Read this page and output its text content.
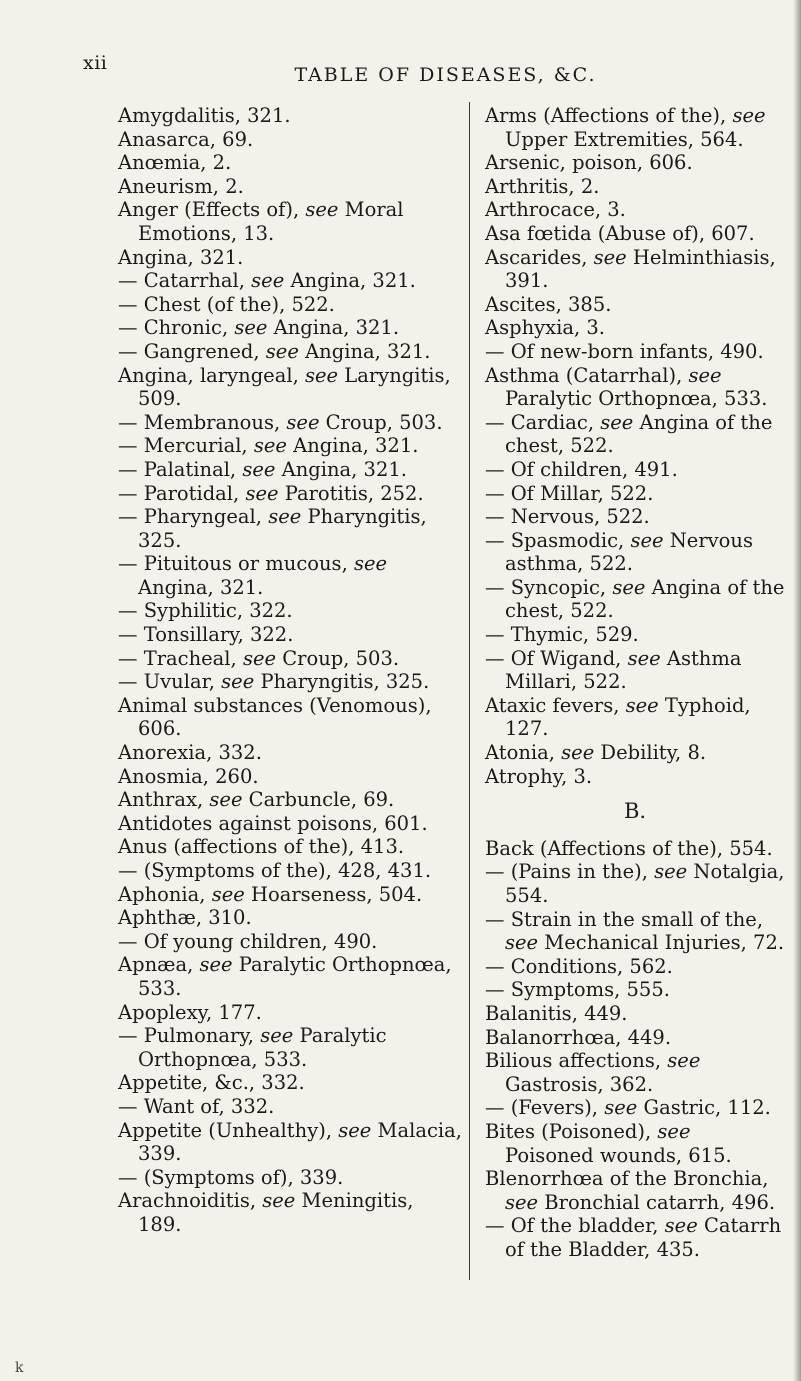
xii
TABLE OF DISEASES, &C.

Amygdalitis, 321.

Anasarca, 69.

Anœmia, 2.

Aneurism, 2.

Anger (Effects of), see Moral Emotions, 13.

Angina, 321.

— Catarrhal, see Angina, 321.

— Chest (of the), 522.

— Chronic, see Angina, 321.

— Gangrened, see Angina, 321.

Angina, laryngeal, see Laryngitis, 509.

— Membranous, see Croup, 503.

— Mercurial, see Angina, 321.

— Palatinal, see Angina, 321.

— Parotidal, see Parotitis, 252.

— Pharyngeal, see Pharyngitis, 325.

— Pituitous or mucous, see Angina, 321.

— Syphilitic, 322.

— Tonsillary, 322.

— Tracheal, see Croup, 503.

— Uvular, see Pharyngitis, 325.

Animal substances (Venomous), 606.

Anorexia, 332.

Anosmia, 260.

Anthrax, see Carbuncle, 69.

Antidotes against poisons, 601.

Anus (affections of the), 413.

— (Symptoms of the), 428, 431.

Aphonia, see Hoarseness, 504.

Aphthæ, 310.

— Of young children, 490.

Apnæa, see Paralytic Orthopnœa, 533.

Apoplexy, 177.

— Pulmonary, see Paralytic Orthopnœa, 533.

Appetite, &c., 332.

— Want of, 332.

Appetite (Unhealthy), see Malacia, 339.

— (Symptoms of), 339.

Arachnoiditis, see Meningitis, 189.

Arms (Affections of the), see Upper Extremities, 564.

Arsenic, poison, 606.

Arthritis, 2.

Arthrocace, 3.

Asa fœtida (Abuse of), 607.

Ascarides, see Helminthiasis, 391.

Ascites, 385.

Asphyxia, 3.

— Of new-born infants, 490.

Asthma (Catarrhal), see Paralytic Orthopnœa, 533.

— Cardiac, see Angina of the chest, 522.

— Of children, 491.

— Of Millar, 522.

— Nervous, 522.

— Spasmodic, see Nervous asthma, 522.

— Syncopic, see Angina of the chest, 522.

— Thymic, 529.

— Of Wigand, see Asthma Millari, 522.

Ataxic fevers, see Typhoid, 127.

Atonia, see Debility, 8.

Atrophy, 3.

B.

Back (Affections of the), 554.

— (Pains in the), see Notalgia, 554.

— Strain in the small of the, see Mechanical Injuries, 72.

— Conditions, 562.

— Symptoms, 555.

Balanitis, 449.

Balanorrhœa, 449.

Bilious affections, see Gastrosis, 362.

— (Fevers), see Gastric, 112.

Bites (Poisoned), see Poisoned wounds, 615.

Blenorrhœa of the Bronchia, see Bronchial catarrh, 496.

— Of the bladder, see Catarrh of the Bladder, 435.

k
